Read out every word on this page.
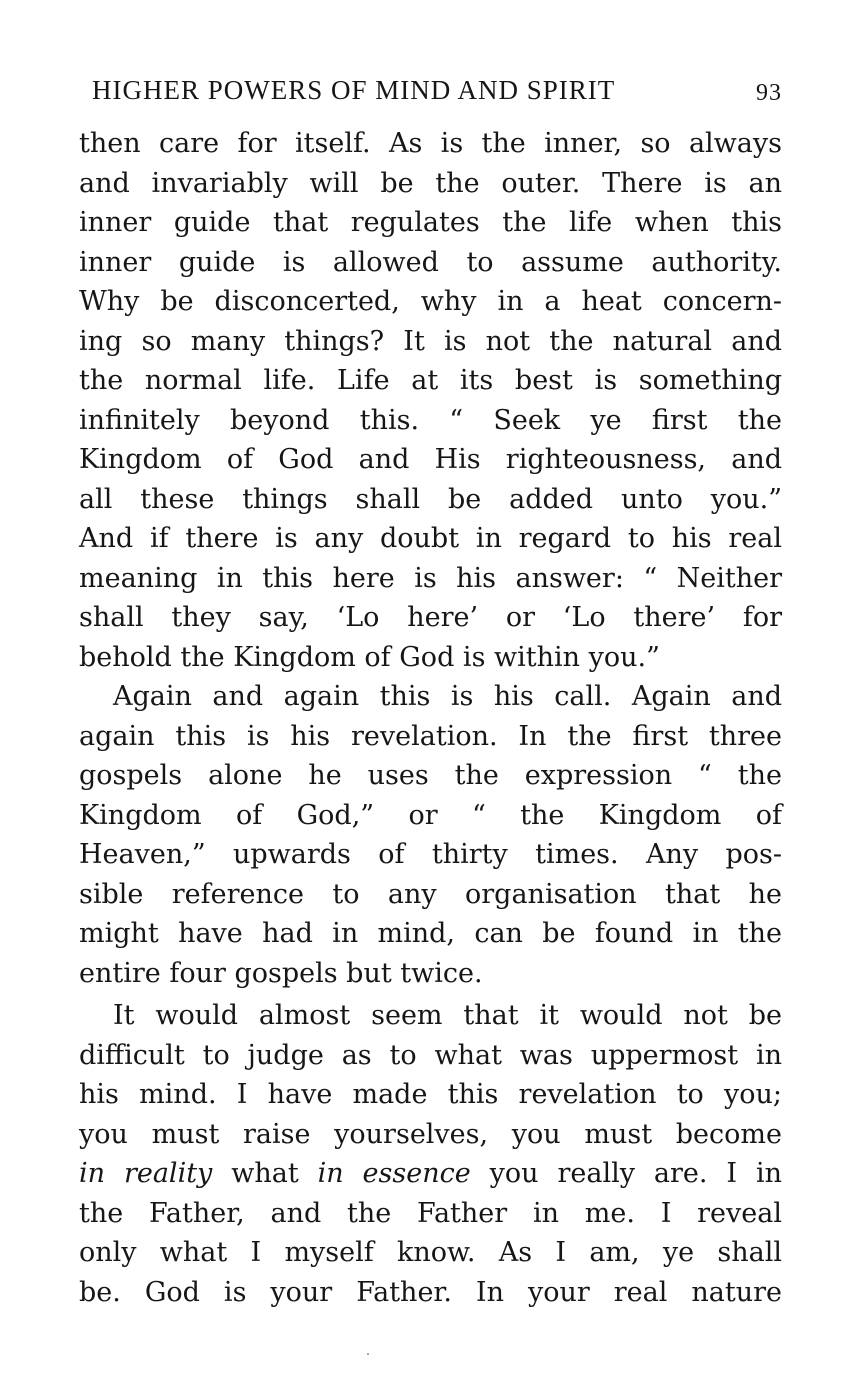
HIGHER POWERS OF MIND AND SPIRIT	93
then care for itself. As is the inner, so always
and invariably will be the outer. There is an
inner guide that regulates the life when this
inner guide is allowed to assume authority.
Why be disconcerted, why in a heat concern-
ing so many things? It is not the natural and
the normal life. Life at its best is something
infinitely beyond this. “ Seek ye first the
Kingdom of God and His righteousness, and
all these things shall be added unto you.”
And if there is any doubt in regard to his real
meaning in this here is his answer: “ Neither
shall they say, ‘Lo here’ or ‘Lo there’ for
behold the Kingdom of God is within you.”
Again and again this is his call. Again and
again this is his revelation. In the first three
gospels alone he uses the expression “ the
Kingdom of God,” or “ the Kingdom of
Heaven,” upwards of thirty times. Any pos-
sible reference to any organisation that he
might have had in mind, can be found in the
entire four gospels but twice.
It would almost seem that it would not be
difficult to judge as to what was uppermost in
his mind. I have made this revelation to you;
you must raise yourselves, you must become
in reality what in essence you really are. I in
the Father, and the Father in me. I reveal
only what I myself know. As I am, ye shall
be. God is your Father. In your real nature
